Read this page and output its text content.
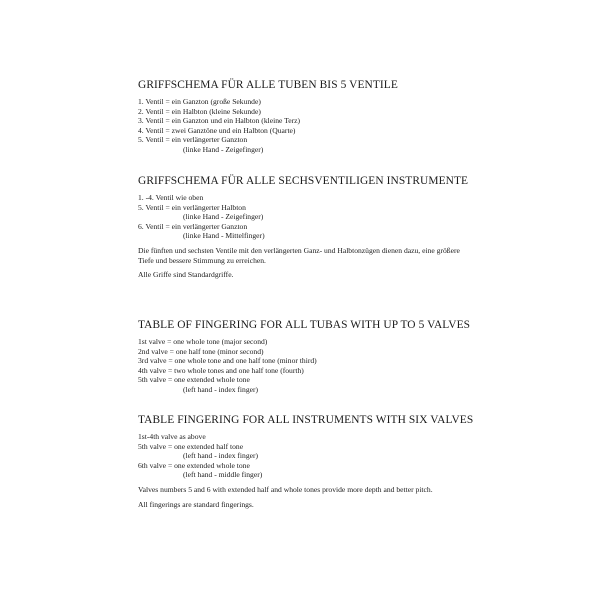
GRIFFSCHEMA FÜR ALLE TUBEN BIS 5 VENTILE
1. Ventil = ein Ganzton (große Sekunde)
2. Ventil = ein Halbton (kleine Sekunde)
3. Ventil = ein Ganzton und ein Halbton (kleine Terz)
4. Ventil = zwei Ganztöne und ein Halbton (Quarte)
5. Ventil = ein verlängerter Ganzton
(linke Hand - Zeigefinger)
GRIFFSCHEMA FÜR ALLE SECHSVENTILIGEN INSTRUMENTE
1. -4. Ventil wie oben
5. Ventil = ein verlängerter Halbton
(linke Hand - Zeigefinger)
6. Ventil = ein verlängerter Ganzton
(linke Hand - Mittelfinger)
Die fünften und sechsten Ventile mit den verlängerten Ganz- und Halbtonzügen dienen dazu, eine größere Tiefe und bessere Stimmung zu erreichen.
Alle Griffe sind Standardgriffe.
TABLE OF FINGERING FOR ALL TUBAS WITH UP TO 5 VALVES
1st valve = one whole tone (major second)
2nd valve = one half tone (minor second)
3rd valve = one whole tone and one half tone (minor third)
4th valve = two whole tones and one half tone (fourth)
5th valve = one extended whole tone
(left hand - index finger)
TABLE FINGERING FOR ALL INSTRUMENTS WITH SIX VALVES
1st-4th valve as above
5th valve = one extended half tone
(left hand - index finger)
6th valve = one extended whole tone
(left hand - middle finger)
Valves numbers 5 and 6 with extended half and whole tones provide more depth and better pitch.
All fingerings are standard fingerings.
